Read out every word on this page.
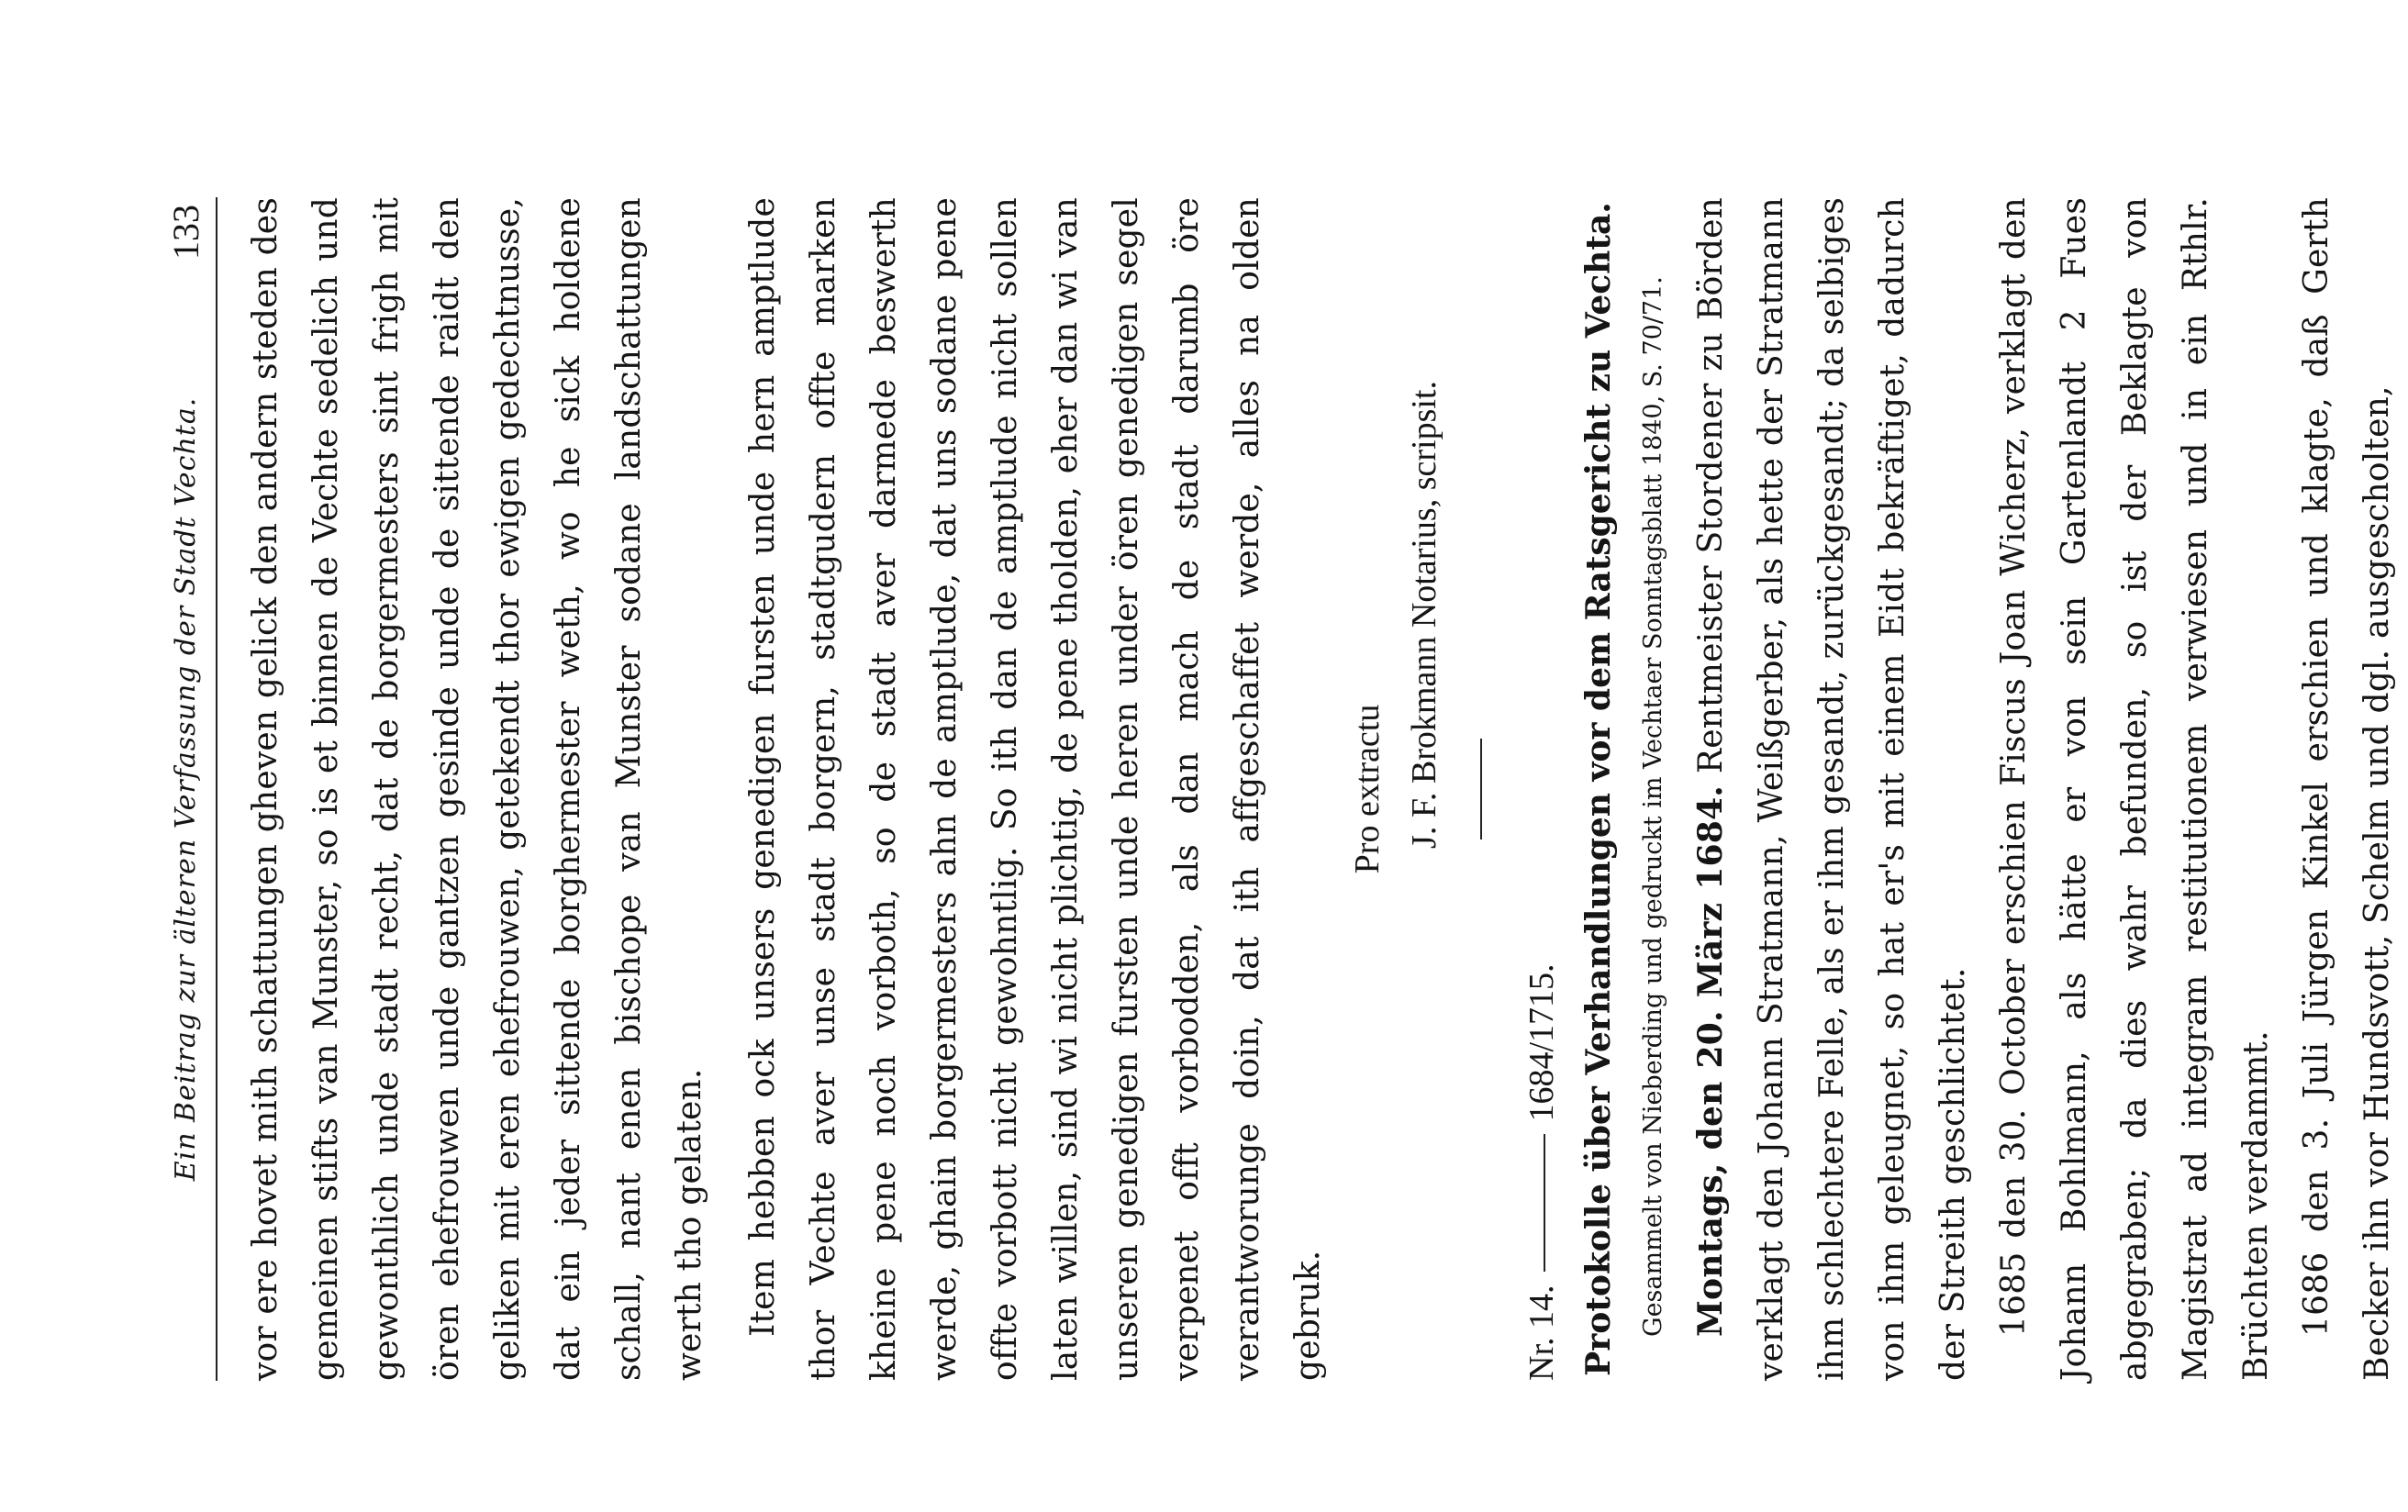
Ein Beitrag zur älteren Verfassung der Stadt Vechta.
133	vor ere hovet mith schattungen gheven gelick den andern steden des gemeinen stifts van Munster, so is et binnen de Vechte sedelich und gewonthlich unde stadt recht, dat de borgermesters sint frigh mit ören ehefrouwen unde gantzen gesinde unde de sittende raidt den geliken mit eren ehefrouwen, getekendt thor ewigen gedechtnusse, dat ein jeder sittende borghermester weth, wo he sick holdene schall, nant enen bischope van Munster sodane landschattungen werth tho gelaten.	Item hebben ock unsers genedigen fursten unde hern amptlude thor Vechte aver unse stadt borgern, stadtgudern offte marken kheine pene noch vorboth, so de stadt aver darmede beswerth werde, ghain borgermesters ahn de amptlude, dat uns sodane pene offte vorbott nicht gewohntlig. So ith dan de amptlude nicht sollen laten willen, sind wi nicht plichtig, de pene tholden, eher dan wi van unseren genedigen fursten unde heren under ören genedigen segel verpenet offt vorbodden, als dan mach de stadt darumb öre verantworunge doin, dat ith affgeschaffet werde, alles na olden gebruk.

Pro extractu J. F. Brokmann Notarius, scripsit.

Nr. 14.1684/1715. Protokolle über Verhandlungen vor dem Ratsgericht zu Vechta. Gesammelt von Nieberding und gedruckt im Vechtaer Sonntagsblatt 1840, S. 70/71. Montags, den 20. März 1684. Rentmeister Stordener zu Börden verklagt den Johann Stratmann, Weißgerber, als hette der Stratmann ihm schlechtere Felle, als er ihm gesandt, zurückgesandt; da selbiges von ihm geleugnet, so hat er's mit einem Eidt bekräftiget, dadurch der Streith geschlichtet. 1685 den 30. October erschien Fiscus Joan Wicherz, verklagt den Johann Bohlmann, als hätte er von sein Gartenlandt 2 Fues abgegraben; da dies wahr befunden, so ist der Beklagte von Magistrat ad integram restitutionem verwiesen und in ein Rthlr. Brüchten verdammt. 1686 den 3. Juli Jürgen Kinkel erschien und klagte, daß Gerth Becker ihn vor Hundsvott, Schelm und dgl. ausgescholten,
